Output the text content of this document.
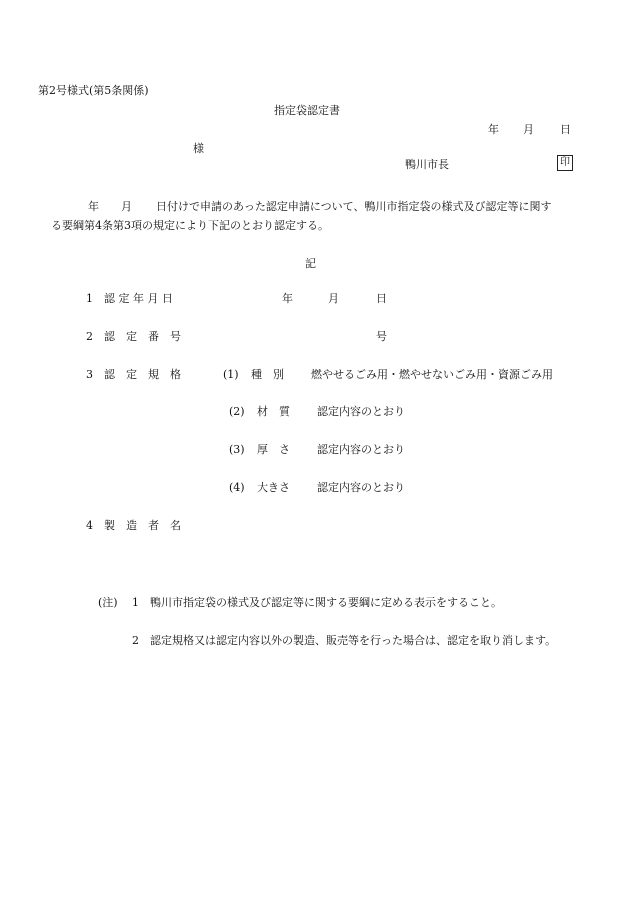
第2号様式(第5条関係)
指定袋認定書
年 月 日
様
鴨川市長	印
年 月 日付けで申請のあった認定申請について、鴨川市指定袋の様式及び認定等に関す
る要綱第4条第3項の規定により下記のとおり認定する。
記
1 認 定 年 月 日	年	月	日
2 認　定　番　号	号
3 認　定　規　格	(1) 種　別 燃やせるごみ用・燃やせないごみ用・資源ごみ用
(2) 材　質 認定内容のとおり
(3) 厚　さ 認定内容のとおり
(4) 大きさ 認定内容のとおり
4 製　造　者　名
(注) 1 鴨川市指定袋の様式及び認定等に関する要綱に定める表示をすること。
2 認定規格又は認定内容以外の製造、販売等を行った場合は、認定を取り消します。
